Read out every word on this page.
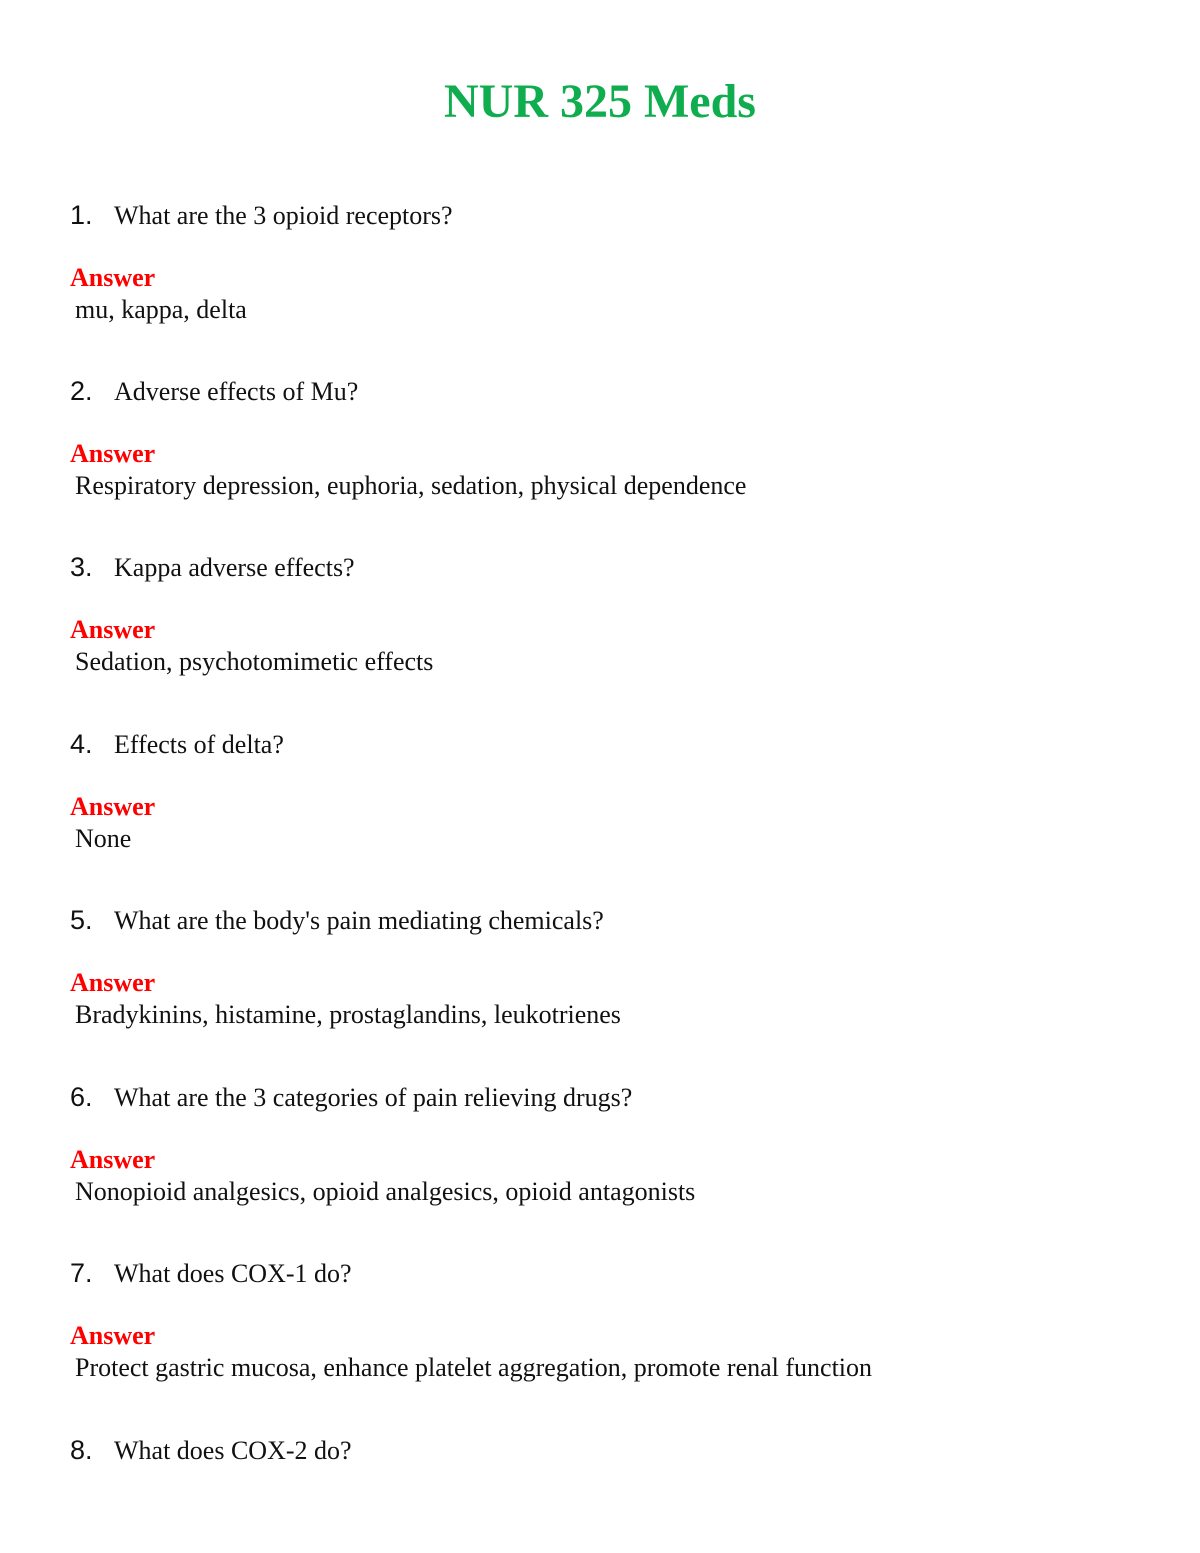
NUR 325 Meds
1. What are the 3 opioid receptors?
Answer
mu, kappa, delta
2. Adverse effects of Mu?
Answer
Respiratory depression, euphoria, sedation, physical dependence
3. Kappa adverse effects?
Answer
Sedation, psychotomimetic effects
4. Effects of delta?
Answer
None
5. What are the body's pain mediating chemicals?
Answer
Bradykinins, histamine, prostaglandins, leukotrienes
6. What are the 3 categories of pain relieving drugs?
Answer
Nonopioid analgesics, opioid analgesics, opioid antagonists
7. What does COX-1 do?
Answer
Protect gastric mucosa, enhance platelet aggregation, promote renal function
8. What does COX-2 do?
